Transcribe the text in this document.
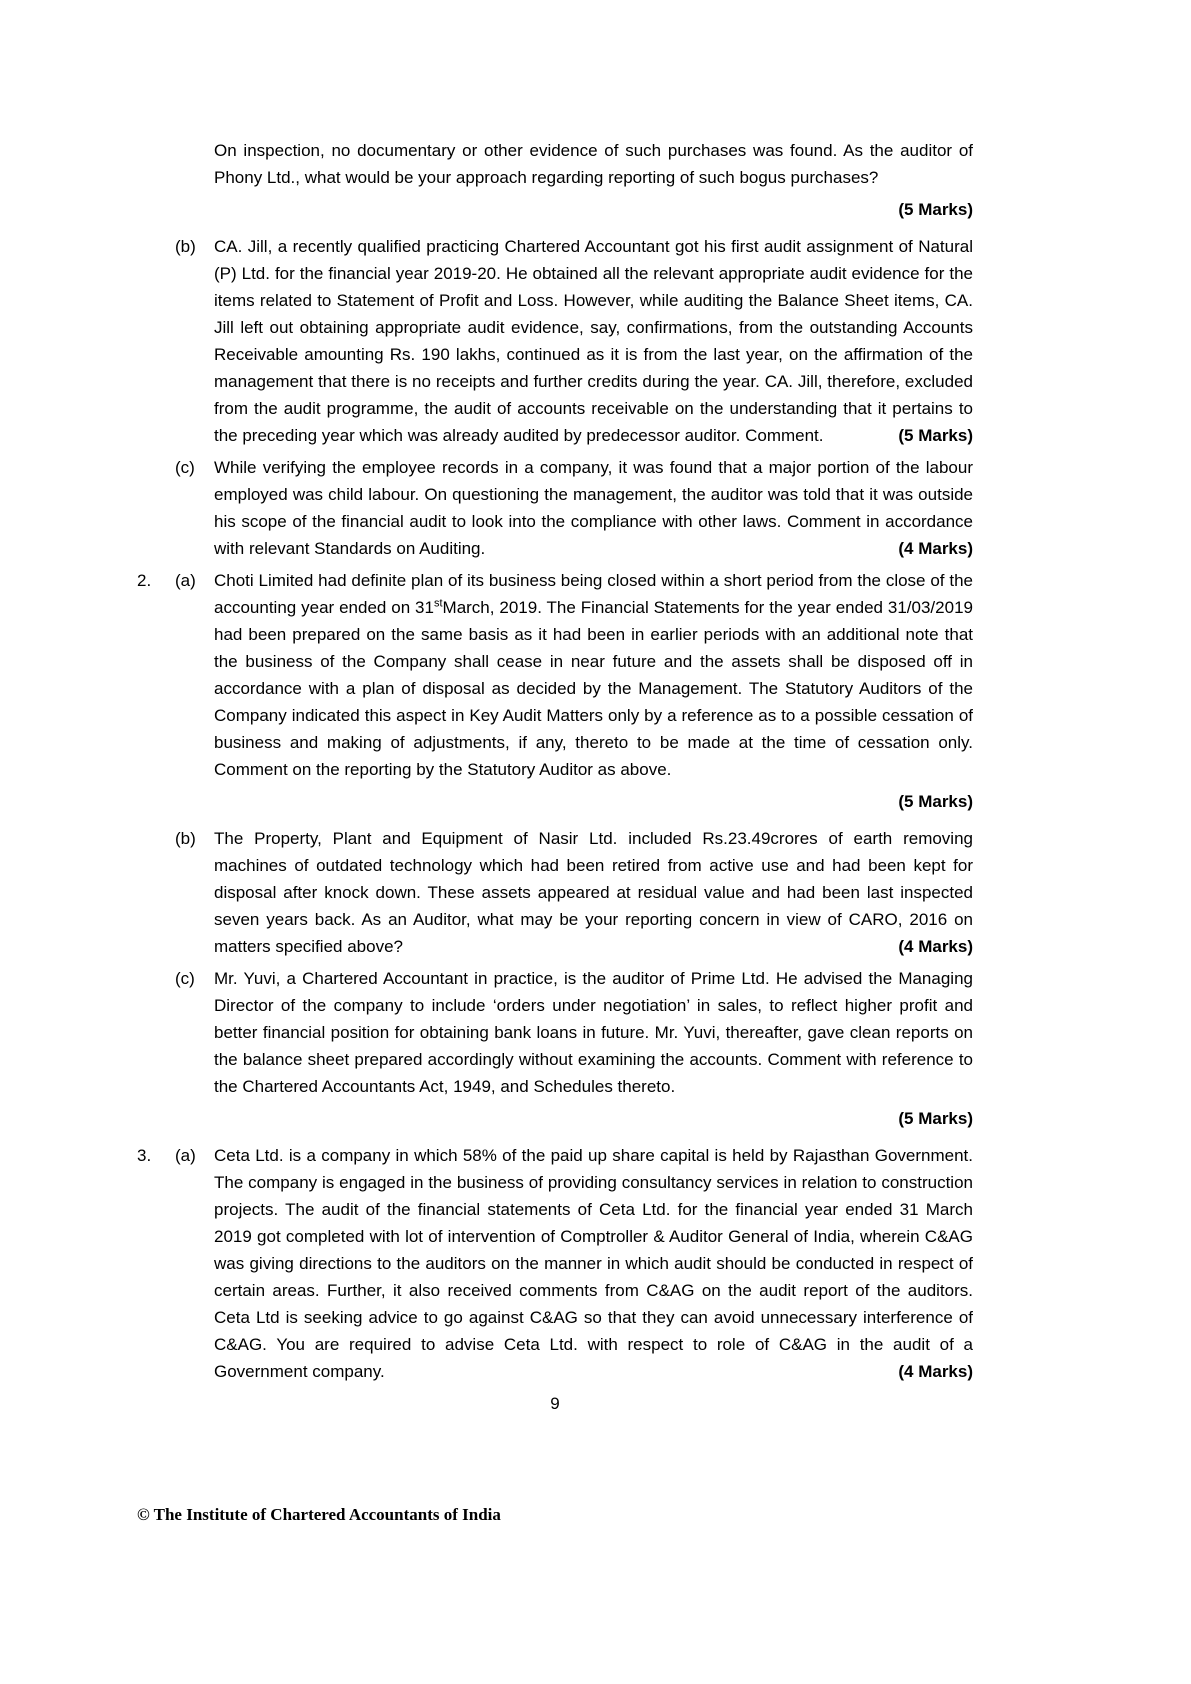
On inspection, no documentary or other evidence of such purchases was found. As the auditor of Phony Ltd., what would be your approach regarding reporting of such bogus purchases?

(5 Marks)
(b)	CA. Jill, a recently qualified practicing Chartered Accountant got his first audit assignment of Natural (P) Ltd. for the financial year 2019-20. He obtained all the relevant appropriate audit evidence for the items related to Statement of Profit and Loss. However, while auditing the Balance Sheet items, CA. Jill left out obtaining appropriate audit evidence, say, confirmations, from the outstanding Accounts Receivable amounting Rs. 190 lakhs, continued as it is from the last year, on the affirmation of the management that there is no receipts and further credits during the year. CA. Jill, therefore, excluded from the audit programme, the audit of accounts receivable on the understanding that it pertains to the preceding year which was already audited by predecessor auditor. Comment.	(5 Marks)

(c)	While verifying the employee records in a company, it was found that a major portion of the labour employed was child labour. On questioning the management, the auditor was told that it was outside his scope of the financial audit to look into the compliance with other laws. Comment in accordance with relevant Standards on Auditing.	(4 Marks)

2.	(a)	Choti Limited had definite plan of its business being closed within a short period from the close of the accounting year ended on 31stMarch, 2019. The Financial Statements for the year ended 31/03/2019 had been prepared on the same basis as it had been in earlier periods with an additional note that the business of the Company shall cease in near future and the assets shall be disposed off in accordance with a plan of disposal as decided by the Management. The Statutory Auditors of the Company indicated this aspect in Key Audit Matters only by a reference as to a possible cessation of business and making of adjustments, if any, thereto to be made at the time of cessation only. Comment on the reporting by the Statutory Auditor as above.

(5 Marks)
(b)	The Property, Plant and Equipment of Nasir Ltd. included Rs.23.49crores of earth removing machines of outdated technology which had been retired from active use and had been kept for disposal after knock down. These assets appeared at residual value and had been last inspected seven years back. As an Auditor, what may be your reporting concern in view of CARO, 2016 on matters specified above?	(4 Marks)

(c)	Mr. Yuvi, a Chartered Accountant in practice, is the auditor of Prime Ltd. He advised the Managing Director of the company to include ‘orders under negotiation’ in sales, to reflect higher profit and better financial position for obtaining bank loans in future. Mr. Yuvi, thereafter, gave clean reports on the balance sheet prepared accordingly without examining the accounts. Comment with reference to the Chartered Accountants Act, 1949, and Schedules thereto.

(5 Marks)
3.	(a)	Ceta Ltd. is a company in which 58% of the paid up share capital is held by Rajasthan Government. The company is engaged in the business of providing consultancy services in relation to construction projects. The audit of the financial statements of Ceta Ltd. for the financial year ended 31 March 2019 got completed with lot of intervention of Comptroller & Auditor General of India, wherein C&AG was giving directions to the auditors on the manner in which audit should be conducted in respect of certain areas. Further, it also received comments from C&AG on the audit report of the auditors. Ceta Ltd is seeking advice to go against C&AG so that they can avoid unnecessary interference of C&AG. You are required to advise Ceta Ltd. with respect to role of C&AG in the audit of a Government company.	(4 Marks)

9
© The Institute of Chartered Accountants of India
